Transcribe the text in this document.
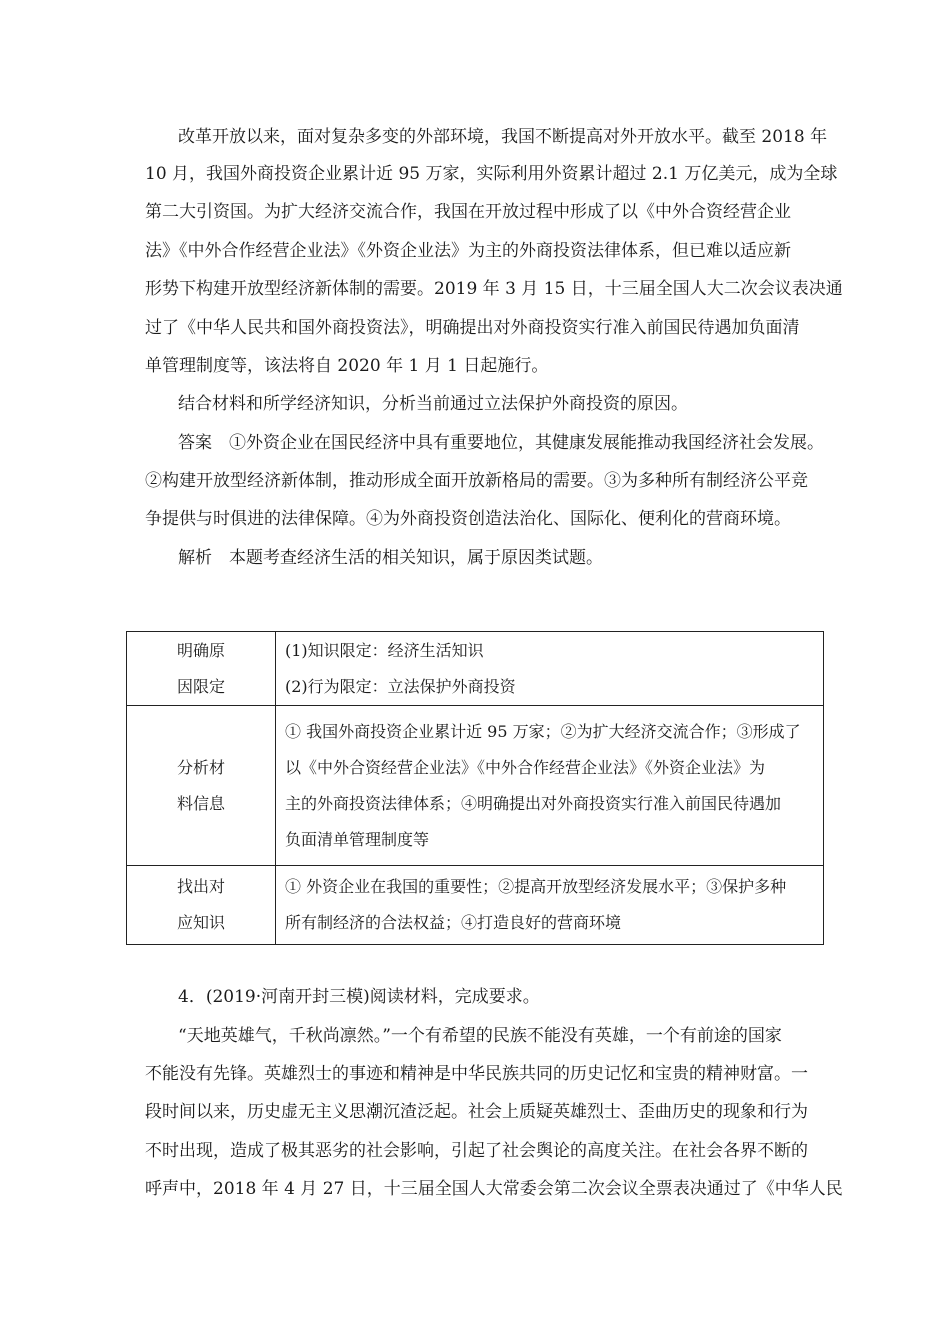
改革开放以来，面对复杂多变的外部环境，我国不断提高对外开放水平。截至 2018 年
10 月，我国外商投资企业累计近 95 万家，实际利用外资累计超过 2.1 万亿美元，成为全球
第二大引资国。为扩大经济交流合作，我国在开放过程中形成了以《中外合资经营企业
法》《中外合作经营企业法》《外资企业法》为主的外商投资法律体系，但已难以适应新
形势下构建开放型经济新体制的需要。2019 年 3 月 15 日，十三届全国人大二次会议表决通
过了《中华人民共和国外商投资法》，明确提出对外商投资实行准入前国民待遇加负面清
单管理制度等，该法将自 2020 年 1 月 1 日起施行。
结合材料和所学经济知识，分析当前通过立法保护外商投资的原因。
答案　①外资企业在国民经济中具有重要地位，其健康发展能推动我国经济社会发展。
②构建开放型经济新体制，推动形成全面开放新格局的需要。③为多种所有制经济公平竞
争提供与时俱进的法律保障。④为外商投资创造法治化、国际化、便利化的营商环境。
解析　本题考查经济生活的相关知识，属于原因类试题。
明确原
因限定	(1)知识限定：经济生活知识
(2)行为限定：立法保护外商投资

分析材
料信息	① 我国外商投资企业累计近 95 万家；②为扩大经济交流合作；③形成了
以《中外合资经营企业法》《中外合作经营企业法》《外资企业法》为
主的外商投资法律体系；④明确提出对外商投资实行准入前国民待遇加
负面清单管理制度等

找出对
应知识	① 外资企业在我国的重要性；②提高开放型经济发展水平；③保护多种
所有制经济的合法权益；④打造良好的营商环境
4．(2019·河南开封三模)阅读材料，完成要求。
“天地英雄气，千秋尚凛然。”一个有希望的民族不能没有英雄，一个有前途的国家
不能没有先锋。英雄烈士的事迹和精神是中华民族共同的历史记忆和宝贵的精神财富。一
段时间以来，历史虚无主义思潮沉渣泛起。社会上质疑英雄烈士、歪曲历史的现象和行为
不时出现，造成了极其恶劣的社会影响，引起了社会舆论的高度关注。在社会各界不断的
呼声中，2018 年 4 月 27 日，十三届全国人大常委会第二次会议全票表决通过了《中华人民
